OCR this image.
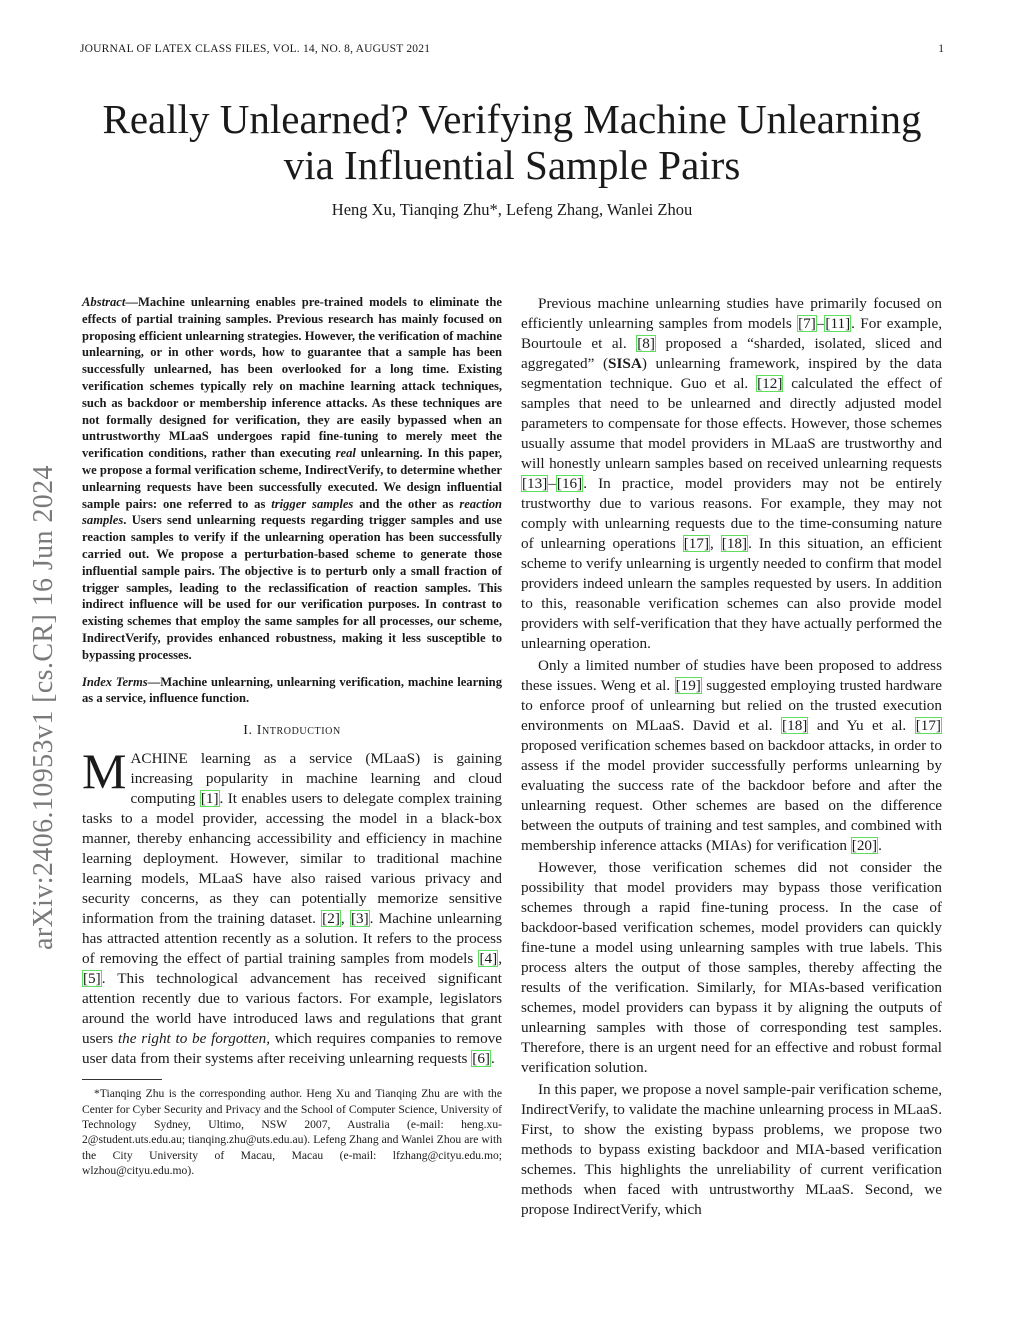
JOURNAL OF LATEX CLASS FILES, VOL. 14, NO. 8, AUGUST 2021	1
arXiv:2406.10953v1 [cs.CR] 16 Jun 2024
Really Unlearned? Verifying Machine Unlearning
via Influential Sample Pairs
Heng Xu, Tianqing Zhu*, Lefeng Zhang, Wanlei Zhou
Abstract—Machine unlearning enables pre-trained models to eliminate the effects of partial training samples. Previous research has mainly focused on proposing efficient unlearning strategies. However, the verification of machine unlearning, or in other words, how to guarantee that a sample has been successfully unlearned, has been overlooked for a long time. Existing verification schemes typically rely on machine learning attack techniques, such as backdoor or membership inference attacks. As these techniques are not formally designed for verification, they are easily bypassed when an untrustworthy MLaaS undergoes rapid fine-tuning to merely meet the verification conditions, rather than executing real unlearning. In this paper, we propose a formal verification scheme, IndirectVerify, to determine whether unlearning requests have been successfully executed. We design influential sample pairs: one referred to as trigger samples and the other as reaction samples. Users send unlearning requests regarding trigger samples and use reaction samples to verify if the unlearning operation has been successfully carried out. We propose a perturbation-based scheme to generate those influential sample pairs. The objective is to perturb only a small fraction of trigger samples, leading to the reclassification of reaction samples. This indirect influence will be used for our verification purposes. In contrast to existing schemes that employ the same samples for all processes, our scheme, IndirectVerify, provides enhanced robustness, making it less susceptible to bypassing processes.
Index Terms—Machine unlearning, unlearning verification, machine learning as a service, influence function.
I. Introduction

MACHINE learning as a service (MLaaS) is gaining increasing popularity in machine learning and cloud computing [1]. It enables users to delegate complex training tasks to a model provider, accessing the model in a black-box manner, thereby enhancing accessibility and efficiency in machine learning deployment. However, similar to traditional machine learning models, MLaaS have also raised various privacy and security concerns, as they can potentially memorize sensitive information from the training dataset. [2], [3]. Machine unlearning has attracted attention recently as a solution. It refers to the process of removing the effect of partial training samples from models [4], [5]. This technological advancement has received significant attention recently due to various factors. For example, legislators around the world have introduced laws and regulations that grant users the right to be forgotten, which requires companies to remove user data from their systems after receiving unlearning requests [6].

*Tianqing Zhu is the corresponding author. Heng Xu and Tianqing Zhu are with the Center for Cyber Security and Privacy and the School of Computer Science, University of Technology Sydney, Ultimo, NSW 2007, Australia (e-mail: heng.xu-2@student.uts.edu.au; tianqing.zhu@uts.edu.au). Lefeng Zhang and Wanlei Zhou are with the City University of Macau, Macau (e-mail: lfzhang@cityu.edu.mo; wlzhou@cityu.edu.mo).

Previous machine unlearning studies have primarily focused on efficiently unlearning samples from models [7]–[11]. For example, Bourtoule et al. [8] proposed a “sharded, isolated, sliced and aggregated” (SISA) unlearning framework, inspired by the data segmentation technique. Guo et al. [12] calculated the effect of samples that need to be unlearned and directly adjusted model parameters to compensate for those effects. However, those schemes usually assume that model providers in MLaaS are trustworthy and will honestly unlearn samples based on received unlearning requests [13]–[16]. In practice, model providers may not be entirely trustworthy due to various reasons. For example, they may not comply with unlearning requests due to the time-consuming nature of unlearning operations [17], [18]. In this situation, an efficient scheme to verify unlearning is urgently needed to confirm that model providers indeed unlearn the samples requested by users. In addition to this, reasonable verification schemes can also provide model providers with self-verification that they have actually performed the unlearning operation.

Only a limited number of studies have been proposed to address these issues. Weng et al. [19] suggested employing trusted hardware to enforce proof of unlearning but relied on the trusted execution environments on MLaaS. David et al. [18] and Yu et al. [17] proposed verification schemes based on backdoor attacks, in order to assess if the model provider successfully performs unlearning by evaluating the success rate of the backdoor before and after the unlearning request. Other schemes are based on the difference between the outputs of training and test samples, and combined with membership inference attacks (MIAs) for verification [20].

However, those verification schemes did not consider the possibility that model providers may bypass those verification schemes through a rapid fine-tuning process. In the case of backdoor-based verification schemes, model providers can quickly fine-tune a model using unlearning samples with true labels. This process alters the output of those samples, thereby affecting the results of the verification. Similarly, for MIAs-based verification schemes, model providers can bypass it by aligning the outputs of unlearning samples with those of corresponding test samples. Therefore, there is an urgent need for an effective and robust formal verification solution.

In this paper, we propose a novel sample-pair verification scheme, IndirectVerify, to validate the machine unlearning process in MLaaS. First, to show the existing bypass problems, we propose two methods to bypass existing backdoor and MIA-based verification schemes. This highlights the unreliability of current verification methods when faced with untrustworthy MLaaS. Second, we propose IndirectVerify, which
